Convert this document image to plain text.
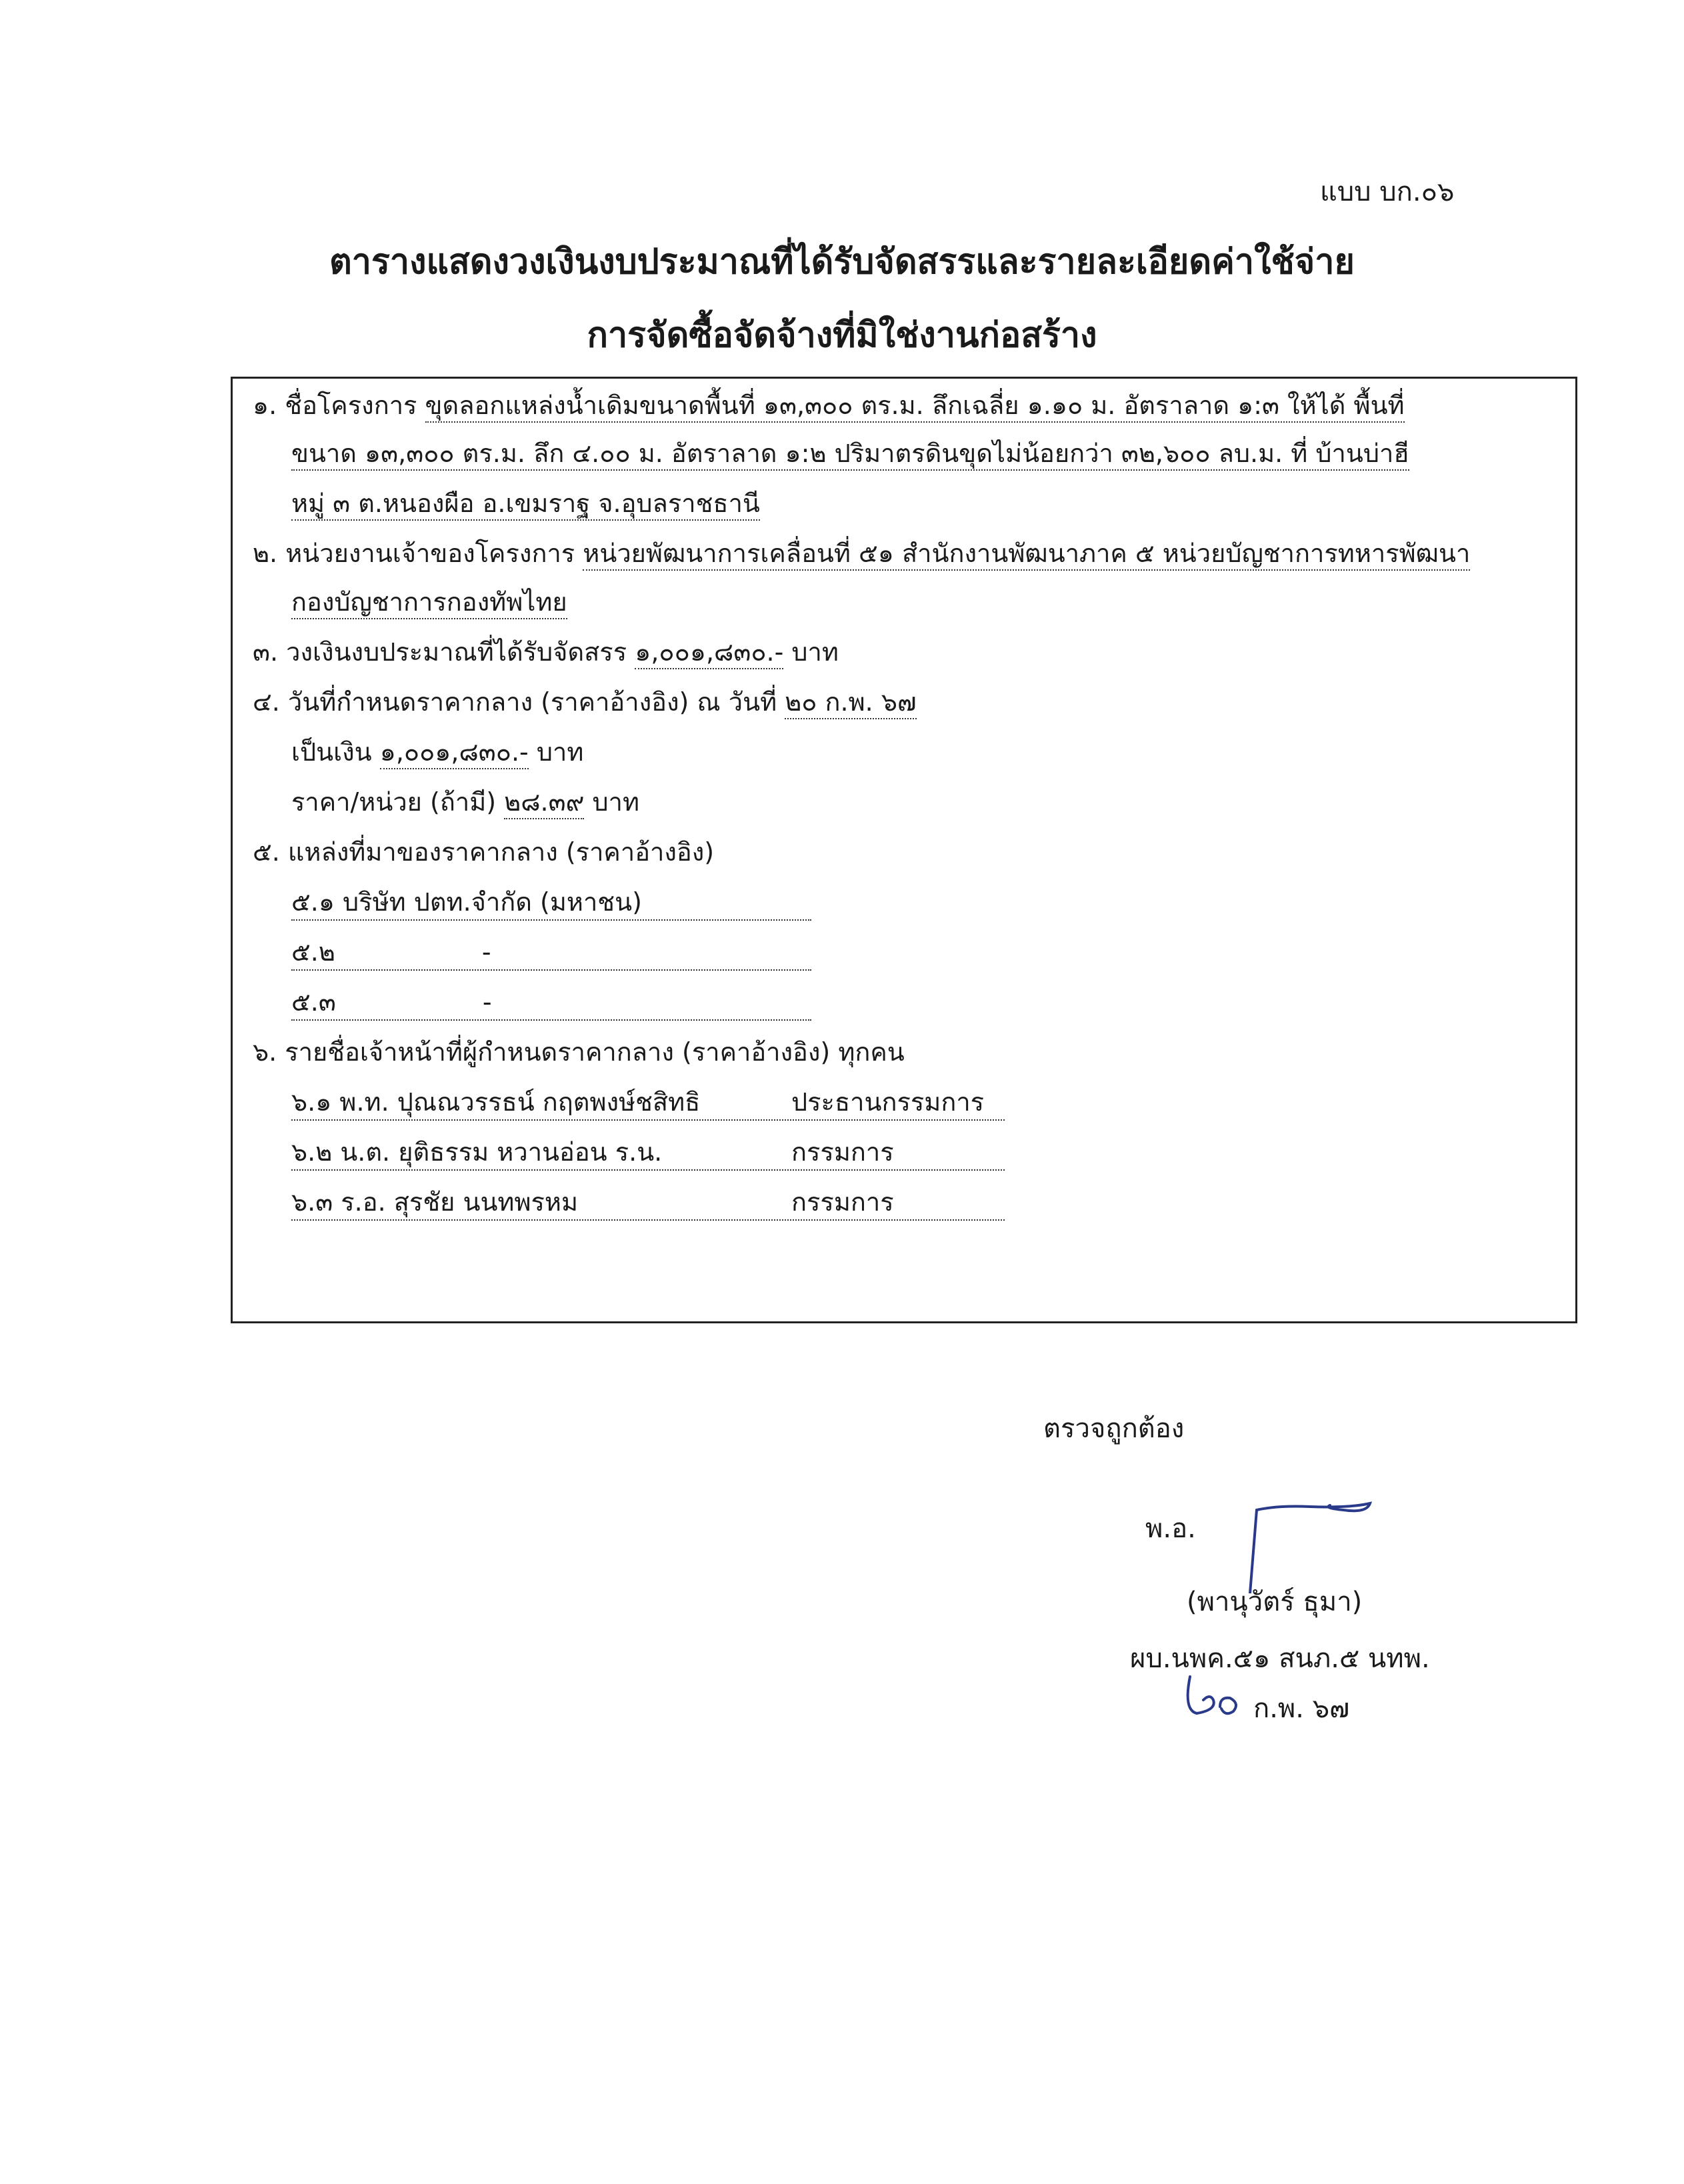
แบบ บก.๐๖
ตารางแสดงวงเงินงบประมาณที่ได้รับจัดสรรและรายละเอียดค่าใช้จ่าย
การจัดซื้อจัดจ้างที่มิใช่งานก่อสร้าง
๑. ชื่อโครงการ ขุดลอกแหล่งน้ำเดิมขนาดพื้นที่ ๑๓,๓๐๐ ตร.ม. ลึกเฉลี่ย ๑.๑๐ ม. อัตราลาด ๑:๓ ให้ได้ พื้นที่
ขนาด ๑๓,๓๐๐ ตร.ม. ลึก ๔.๐๐ ม. อัตราลาด ๑:๒ ปริมาตรดินขุดไม่น้อยกว่า ๓๒,๖๐๐ ลบ.ม. ที่ บ้านบ่าฮี
หมู่ ๓ ต.หนองผือ อ.เขมราฐ จ.อุบลราชธานี
๒. หน่วยงานเจ้าของโครงการ หน่วยพัฒนาการเคลื่อนที่ ๕๑ สำนักงานพัฒนาภาค ๕ หน่วยบัญชาการทหารพัฒนา
กองบัญชาการกองทัพไทย
๓. วงเงินงบประมาณที่ได้รับจัดสรร ๑,๐๐๑,๘๓๐.- บาท
๔. วันที่กำหนดราคากลาง (ราคาอ้างอิง) ณ วันที่ ๒๐ ก.พ. ๖๗
เป็นเงิน ๑,๐๐๑,๘๓๐.- บาท
ราคา/หน่วย (ถ้ามี) ๒๘.๓๙ บาท
๕. แหล่งที่มาของราคากลาง (ราคาอ้างอิง)
๕.๑ บริษัท ปตท.จำกัด (มหาชน)
๕.๒	-
๕.๓	-
๖. รายชื่อเจ้าหน้าที่ผู้กำหนดราคากลาง (ราคาอ้างอิง) ทุกคน
๖.๑ พ.ท. ปุณณวรรธน์ กฤตพงษ์ชสิทธิ	ประธานกรรมการ
๖.๒ น.ต. ยุติธรรม หวานอ่อน ร.น.	กรรมการ
๖.๓ ร.อ. สุรชัย นนทพรหม	กรรมการ
ตรวจถูกต้อง
พ.อ.
(พานุวัตร์ ธุมา)
ผบ.นพค.๕๑ สนภ.๕ นทพ.
ก.พ. ๖๗
